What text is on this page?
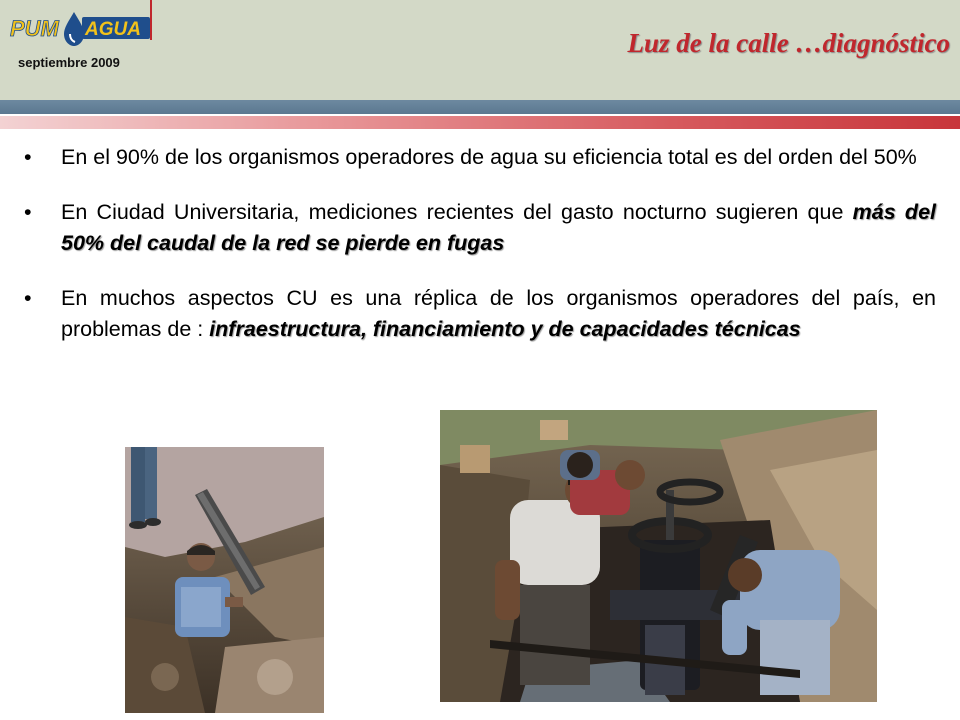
PUM AGUA
septiembre 2009
Luz de la calle …diagnóstico
• En el 90% de los organismos operadores de agua su eficiencia total es del orden del 50%
• En Ciudad Universitaria, mediciones recientes del gasto nocturno sugieren que más del 50% del caudal de la red se pierde en fugas
• En muchos aspectos CU es una réplica de los organismos operadores del país, en problemas de : infraestructura, financiamiento y de capacidades técnicas
